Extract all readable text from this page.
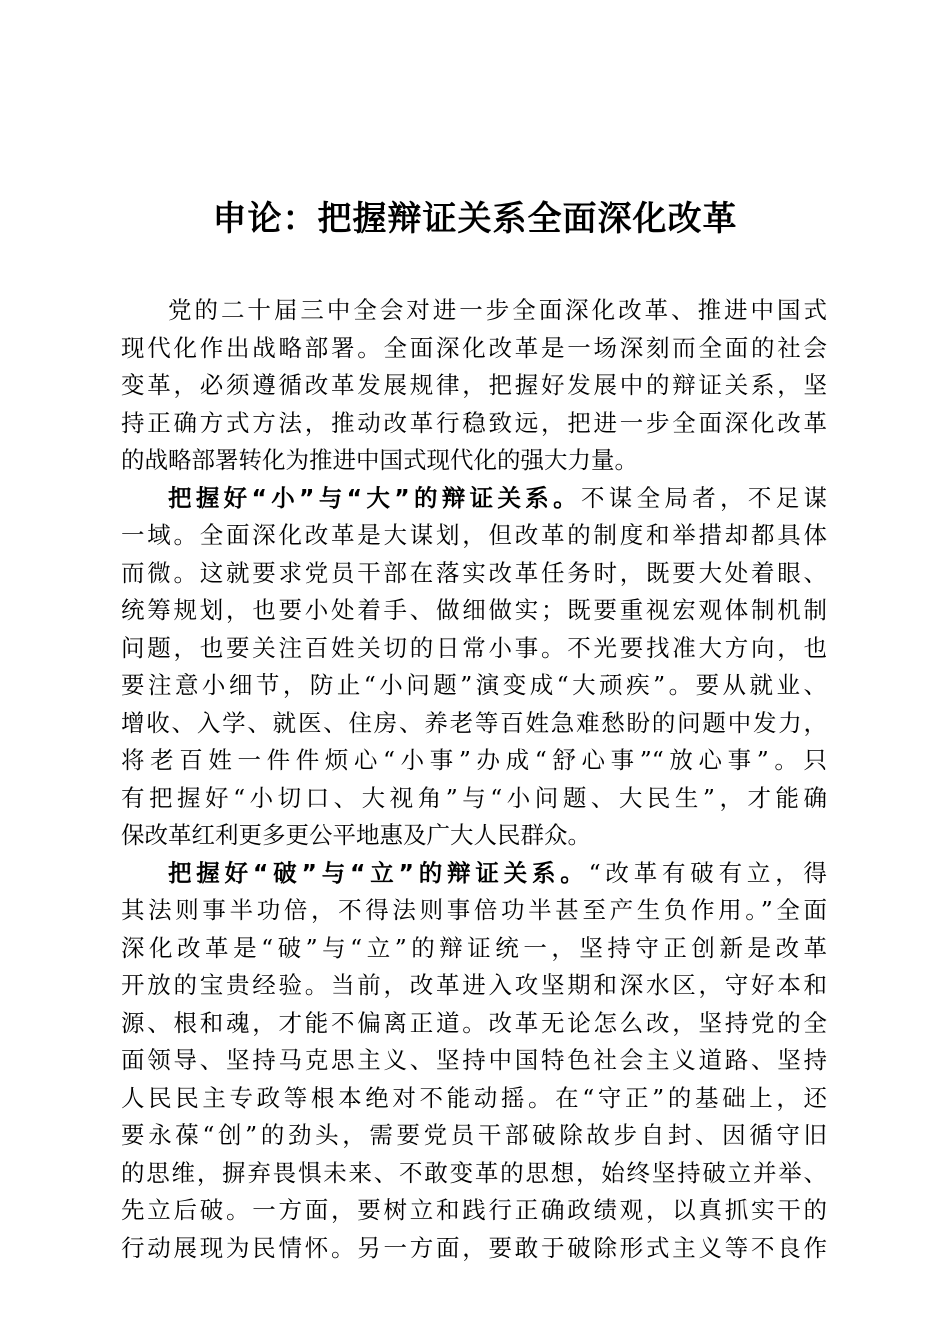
申论：把握辩证关系全面深化改革
党的二十届三中全会对进一步全面深化改革、推进中国式
现代化作出战略部署。全面深化改革是一场深刻而全面的社会
变革，必须遵循改革发展规律，把握好发展中的辩证关系，坚
持正确方式方法，推动改革行稳致远，把进一步全面深化改革
的战略部署转化为推进中国式现代化的强大力量。
把握好“小”与“大”的辩证关系。不谋全局者，不足谋
一域。全面深化改革是大谋划，但改革的制度和举措却都具体
而微。这就要求党员干部在落实改革任务时，既要大处着眼、
统筹规划，也要小处着手、做细做实；既要重视宏观体制机制
问题，也要关注百姓关切的日常小事。不光要找准大方向，也
要注意小细节，防止“小问题”演变成“大顽疾”。要从就业、
增收、入学、就医、住房、养老等百姓急难愁盼的问题中发力，
将老百姓一件件烦心“小事”办成“舒心事”“放心事”。只
有把握好“小切口、大视角”与“小问题、大民生”，才能确
保改革红利更多更公平地惠及广大人民群众。
把握好“破”与“立”的辩证关系。“改革有破有立，得
其法则事半功倍，不得法则事倍功半甚至产生负作用。”全面
深化改革是“破”与“立”的辩证统一，坚持守正创新是改革
开放的宝贵经验。当前，改革进入攻坚期和深水区，守好本和
源、根和魂，才能不偏离正道。改革无论怎么改，坚持党的全
面领导、坚持马克思主义、坚持中国特色社会主义道路、坚持
人民民主专政等根本绝对不能动摇。在“守正”的基础上，还
要永葆“创”的劲头，需要党员干部破除故步自封、因循守旧
的思维，摒弃畏惧未来、不敢变革的思想，始终坚持破立并举、
先立后破。一方面，要树立和践行正确政绩观，以真抓实干的
行动展现为民情怀。另一方面，要敢于破除形式主义等不良作
